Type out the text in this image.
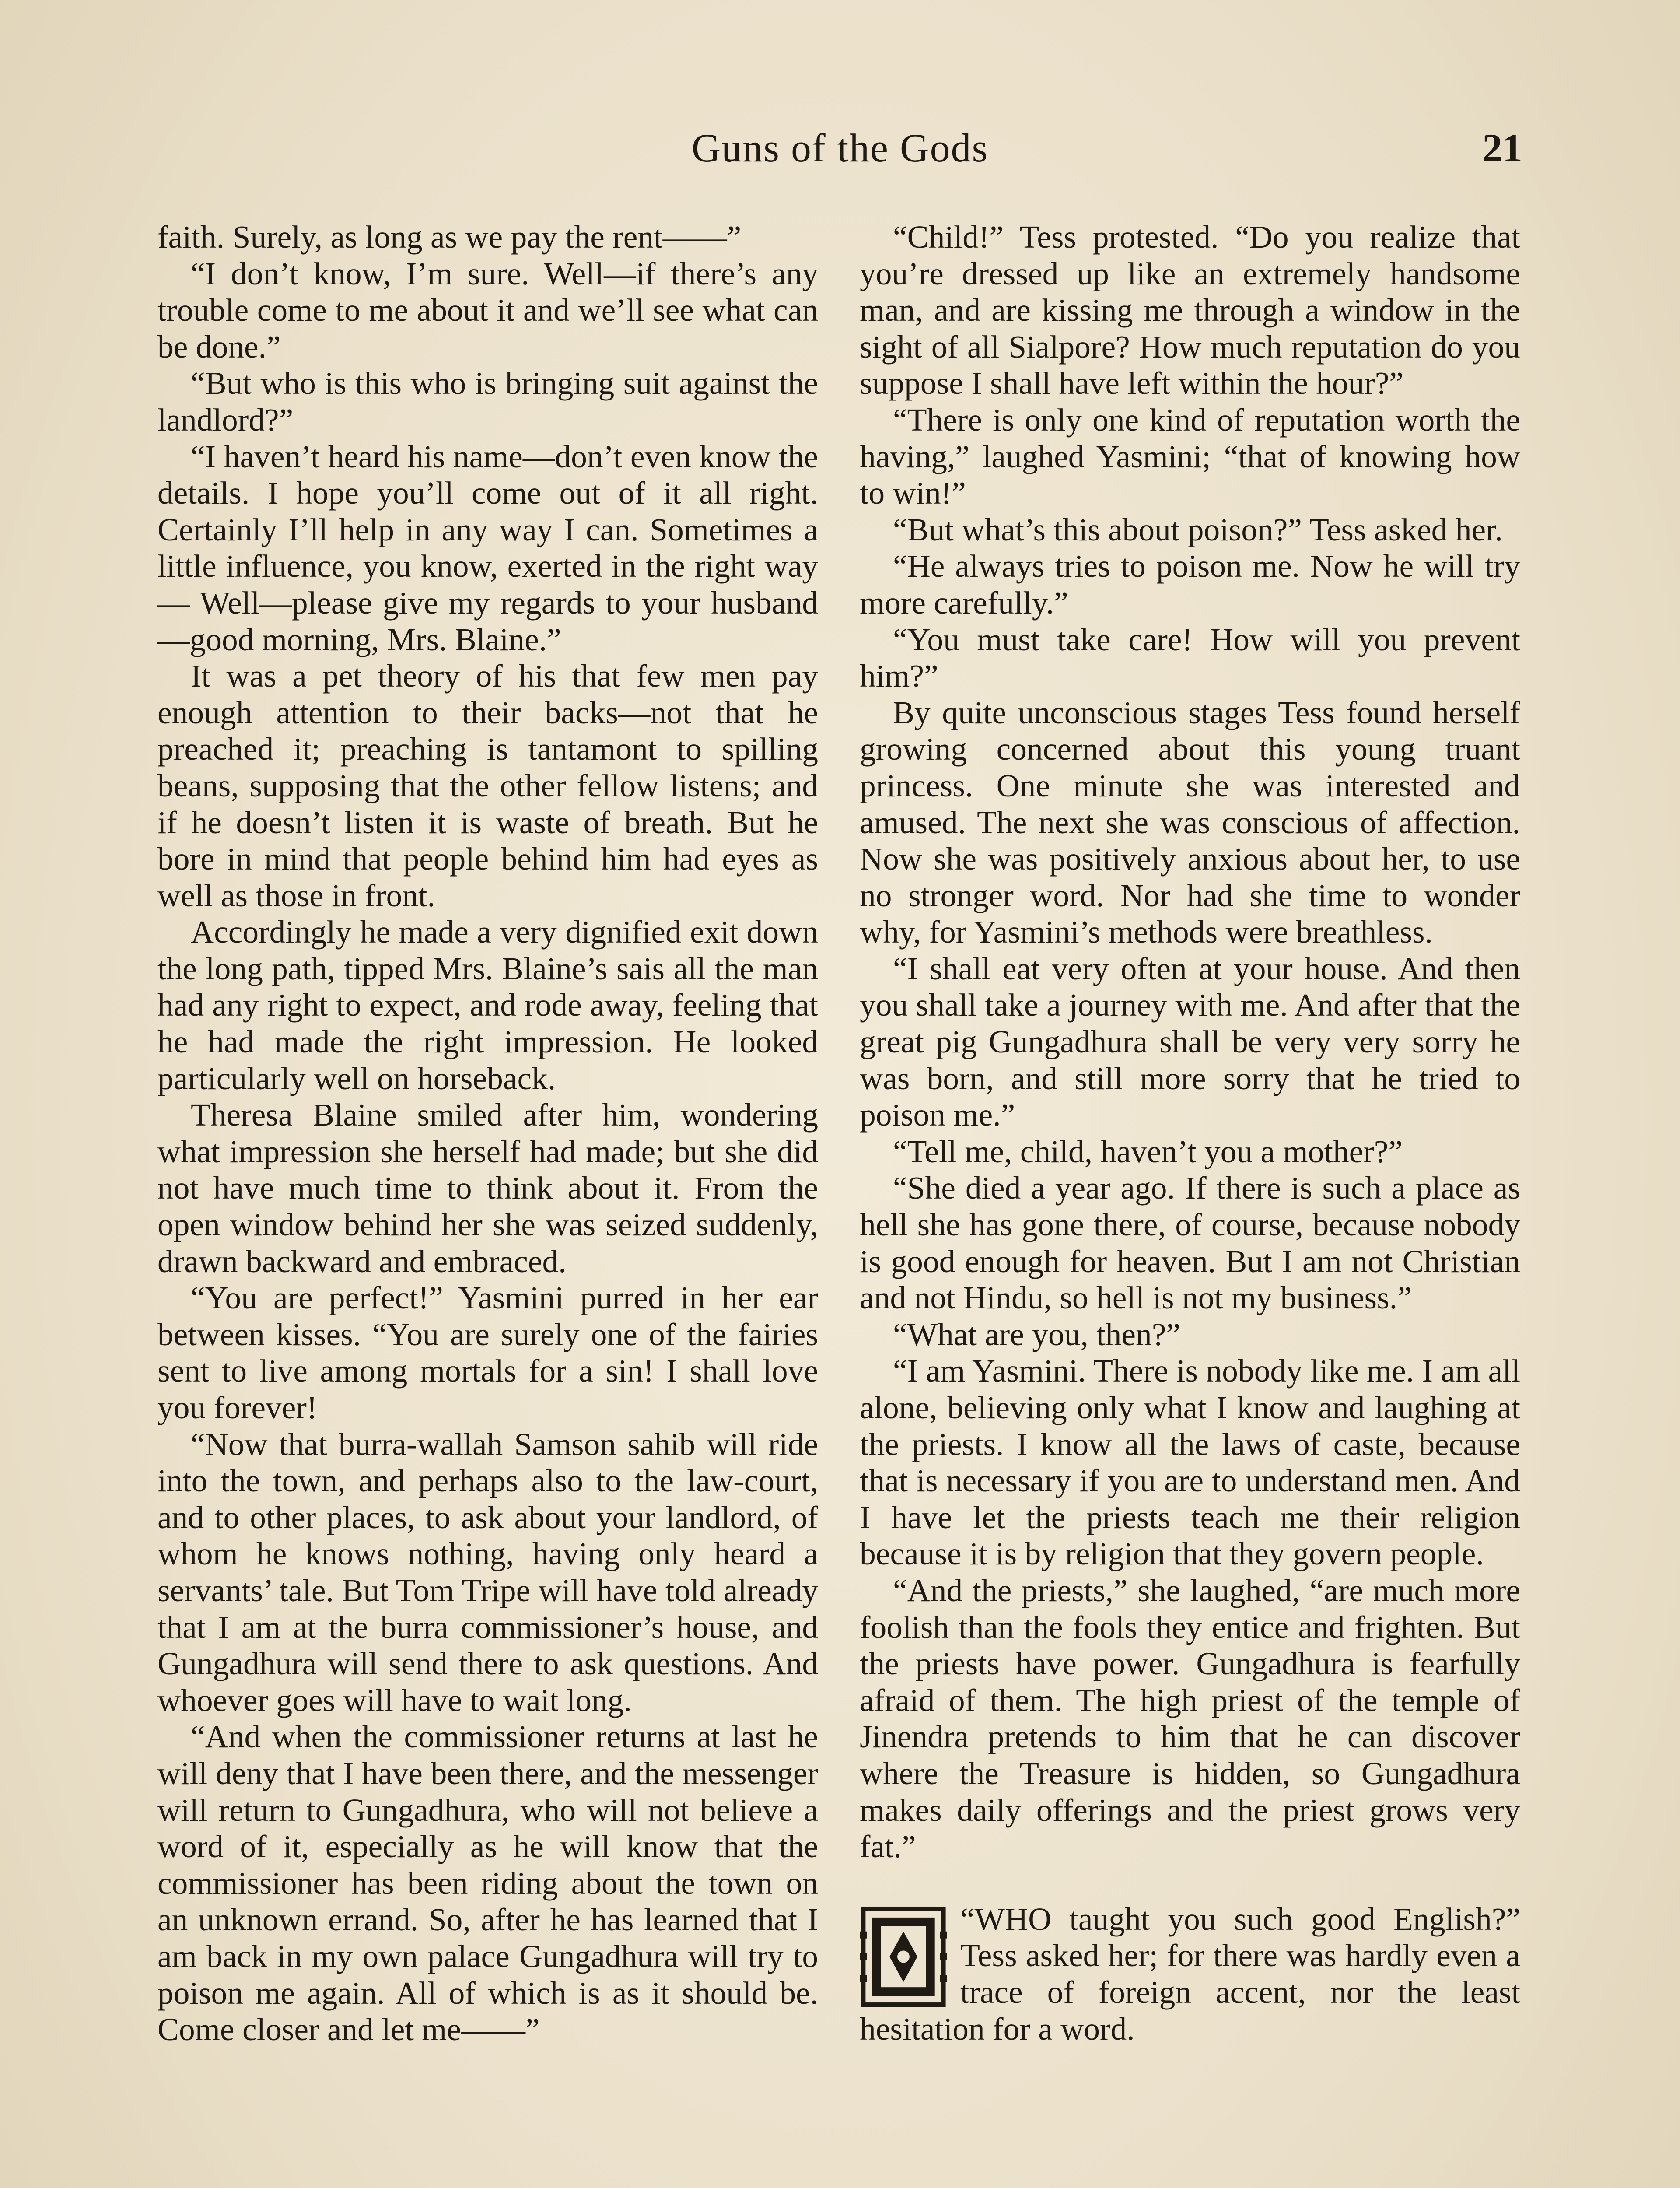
Guns of the Gods	21

faith. Surely, as long as we pay the rent——”

“I don’t know, I’m sure. Well—if there’s any trouble come to me about it and we’ll see what can be done.”

“But who is this who is bringing suit against the landlord?”

“I haven’t heard his name—don’t even know the details. I hope you’ll come out of it all right. Certainly I’ll help in any way I can. Sometimes a little influence, you know, exerted in the right way— Well—please give my regards to your husband—good morning, Mrs. Blaine.”

It was a pet theory of his that few men pay enough attention to their backs—not that he preached it; preaching is tantamont to spilling beans, supposing that the other fellow listens; and if he doesn’t listen it is waste of breath. But he bore in mind that people behind him had eyes as well as those in front.

Accordingly he made a very dignified exit down the long path, tipped Mrs. Blaine’s sais all the man had any right to expect, and rode away, feeling that he had made the right impression. He looked particularly well on horseback.

Theresa Blaine smiled after him, wondering what impression she herself had made; but she did not have much time to think about it. From the open window behind her she was seized suddenly, drawn backward and embraced.

“You are perfect!” Yasmini purred in her ear between kisses. “You are surely one of the fairies sent to live among mortals for a sin! I shall love you forever!

“Now that burra-wallah Samson sahib will ride into the town, and perhaps also to the law-court, and to other places, to ask about your landlord, of whom he knows nothing, having only heard a servants’ tale. But Tom Tripe will have told already that I am at the burra commissioner’s house, and Gungadhura will send there to ask questions. And whoever goes will have to wait long.

“And when the commissioner returns at last he will deny that I have been there, and the messenger will return to Gungadhura, who will not believe a word of it, especially as he will know that the commissioner has been riding about the town on an unknown errand. So, after he has learned that I am back in my own palace Gungadhura will try to poison me again. All of which is as it should be. Come closer and let me——”

“Child!” Tess protested. “Do you realize that you’re dressed up like an extremely handsome man, and are kissing me through a window in the sight of all Sialpore? How much reputation do you suppose I shall have left within the hour?”

“There is only one kind of reputation worth the having,” laughed Yasmini; “that of knowing how to win!”

“But what’s this about poison?” Tess asked her.

“He always tries to poison me. Now he will try more carefully.”

“You must take care! How will you prevent him?”

By quite unconscious stages Tess found herself growing concerned about this young truant princess. One minute she was interested and amused. The next she was conscious of affection. Now she was positively anxious about her, to use no stronger word. Nor had she time to wonder why, for Yasmini’s methods were breathless.

“I shall eat very often at your house. And then you shall take a journey with me. And after that the great pig Gungadhura shall be very very sorry he was born, and still more sorry that he tried to poison me.”

“Tell me, child, haven’t you a mother?”

“She died a year ago. If there is such a place as hell she has gone there, of course, because nobody is good enough for heaven. But I am not Christian and not Hindu, so hell is not my business.”

“What are you, then?”

“I am Yasmini. There is nobody like me. I am all alone, believing only what I know and laughing at the priests. I know all the laws of caste, because that is necessary if you are to understand men. And I have let the priests teach me their religion because it is by religion that they govern people.

“And the priests,” she laughed, “are much more foolish than the fools they entice and frighten. But the priests have power. Gungadhura is fearfully afraid of them. The high priest of the temple of Jinendra pretends to him that he can discover where the Treasure is hidden, so Gungadhura makes daily offerings and the priest grows very fat.”

“WHO taught you such good English?” Tess asked her; for there was hardly even a trace of foreign accent, nor the least hesitation for a word.
